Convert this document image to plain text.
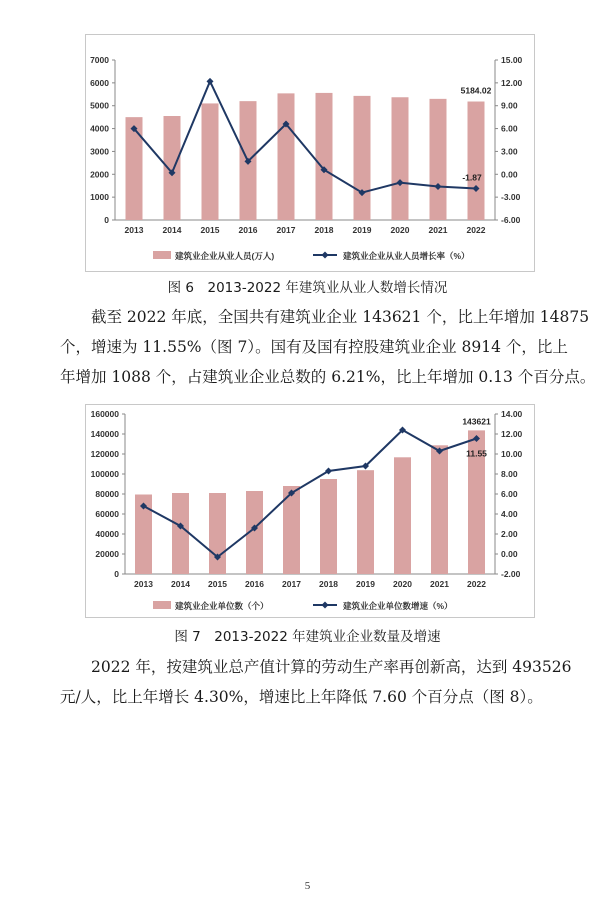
0
1000
2000
3000
4000
5000
6000
7000
-6.00
-3.00
0.00
3.00
6.00
9.00
12.00
15.00
2013 2014 2015 2016 2017 2018 2019 2020 2021 2022
5184.02
-1.87
建筑业企业从业人员(万人)	建筑业企业从业人员增长率（%）
图 6　2013-2022 年建筑业从业人数增长情况
截至 2022 年底，全国共有建筑业企业 143621 个，比上年增加 14875
个，增速为 11.55%（图 7）。国有及国有控股建筑业企业 8914 个，比上
年增加 1088 个，占建筑业企业总数的 6.21%，比上年增加 0.13 个百分点。
0
20000
40000
60000
80000
100000
120000
140000
160000
-2.00
0.00
2.00
4.00
6.00
8.00
10.00
12.00
14.00
2013 2014 2015 2016 2017 2018 2019 2020 2021 2022
143621
11.55
建筑业企业单位数（个）	建筑业企业单位数增速（%）
图 7　2013-2022 年建筑业企业数量及增速
2022 年，按建筑业总产值计算的劳动生产率再创新高，达到 493526
元/人，比上年增长 4.30%，增速比上年降低 7.60 个百分点（图 8）。
5
